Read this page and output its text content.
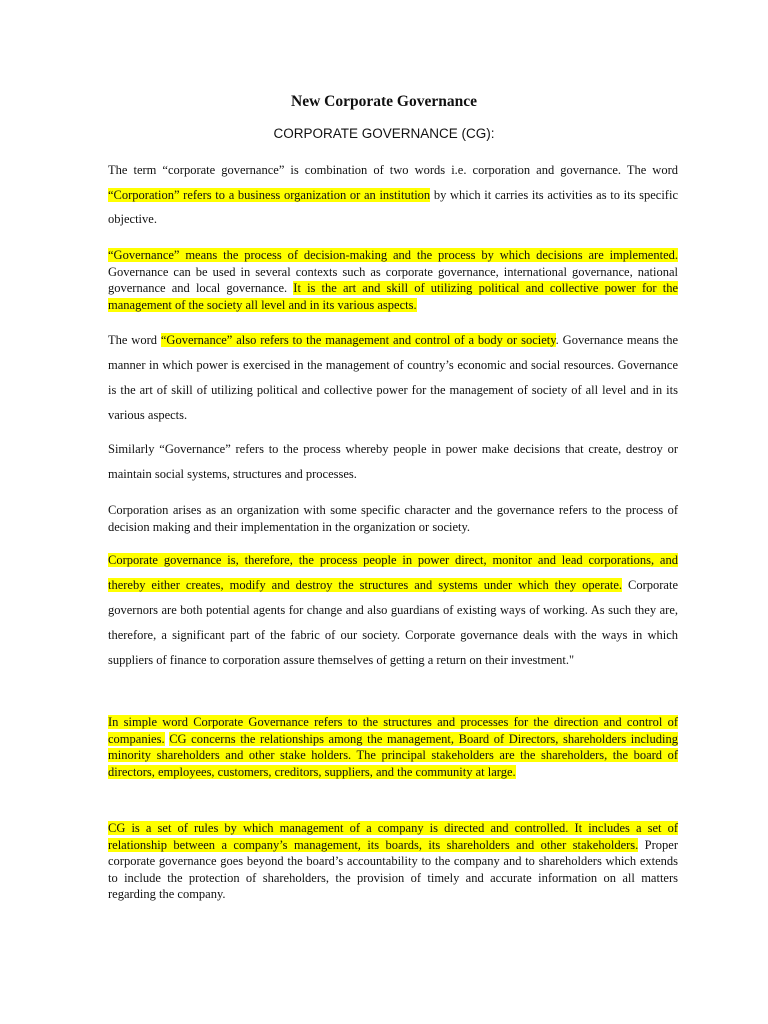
New Corporate Governance
CORPORATE GOVERNANCE (CG):

The term “corporate governance” is combination of two words i.e. corporation and governance. The word “Corporation” refers to a business organization or an institution by which it carries its activities as to its specific objective.

“Governance” means the process of decision-making and the process by which decisions are implemented. Governance can be used in several contexts such as corporate governance, international governance, national governance and local governance. It is the art and skill of utilizing political and collective power for the management of the society all level and in its various aspects.

The word “Governance” also refers to the management and control of a body or society. Governance means the manner in which power is exercised in the management of country’s economic and social resources. Governance is the art of skill of utilizing political and collective power for the management of society of all level and in its various aspects.

Similarly “Governance” refers to the process whereby people in power make decisions that create, destroy or maintain social systems, structures and processes.

Corporation arises as an organization with some specific character and the governance refers to the process of decision making and their implementation in the organization or society.

Corporate governance is, therefore, the process people in power direct, monitor and lead corporations, and thereby either creates, modify and destroy the structures and systems under which they operate. Corporate governors are both potential agents for change and also guardians of existing ways of working. As such they are, therefore, a significant part of the fabric of our society. Corporate governance deals with the ways in which suppliers of finance to corporation assure themselves of getting a return on their investment."

In simple word Corporate Governance refers to the structures and processes for the direction and control of companies. CG concerns the relationships among the management, Board of Directors, shareholders including minority shareholders and other stake holders. The principal stakeholders are the shareholders, the board of directors, employees, customers, creditors, suppliers, and the community at large.

CG is a set of rules by which management of a company is directed and controlled. It includes a set of relationship between a company’s management, its boards, its shareholders and other stakeholders. Proper corporate governance goes beyond the board’s accountability to the company and to shareholders which extends to include the protection of shareholders, the provision of timely and accurate information on all matters regarding the company.
